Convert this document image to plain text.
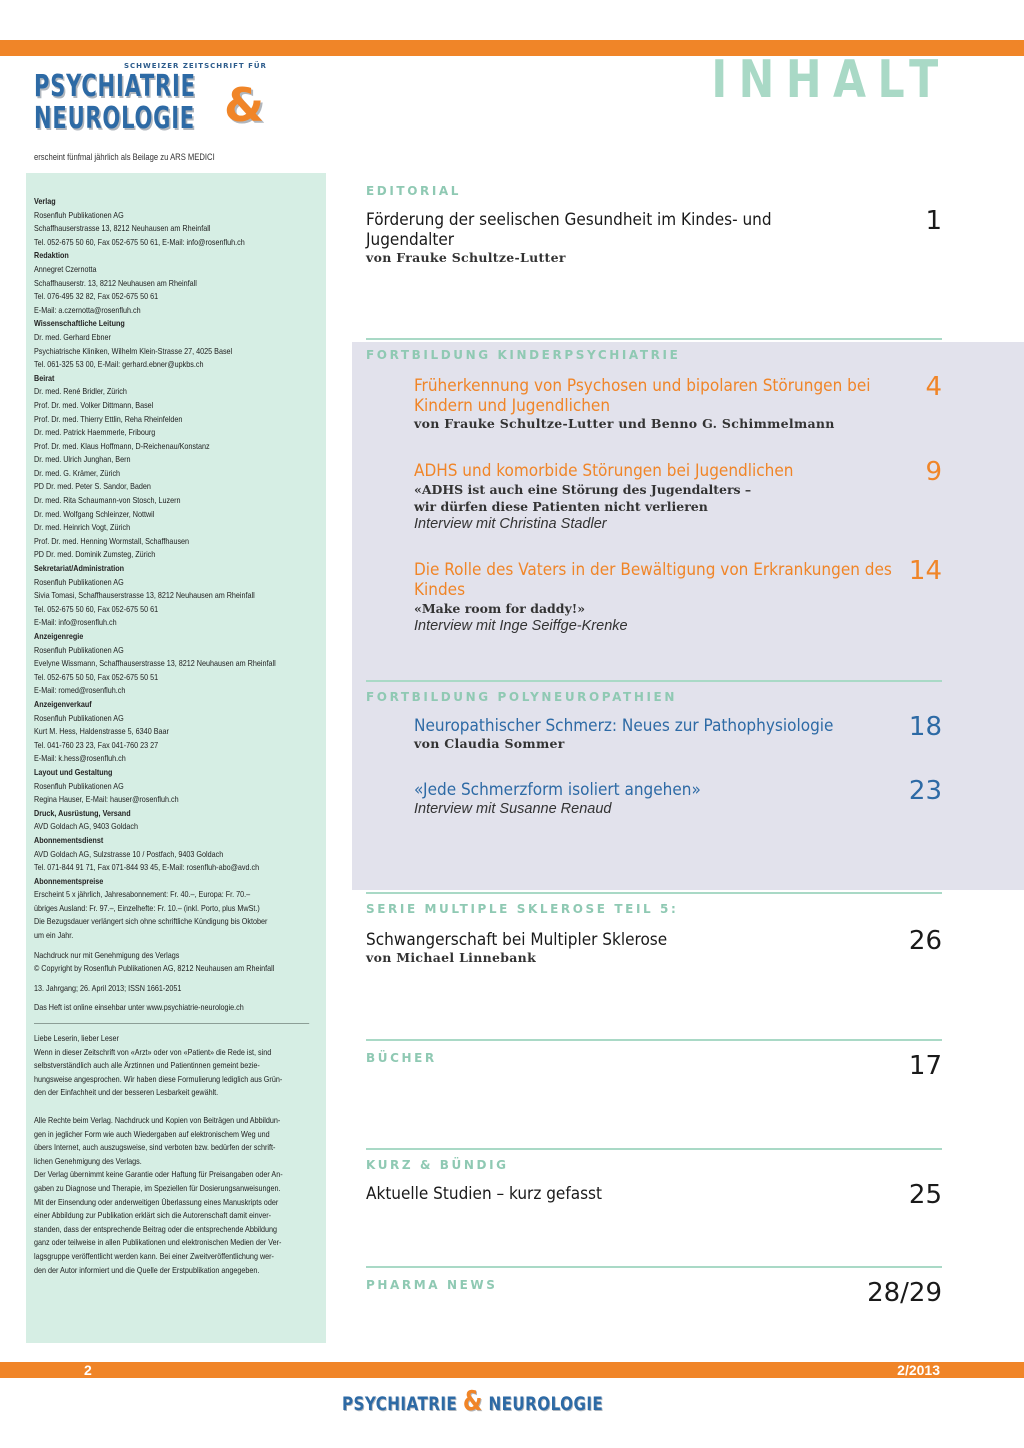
SCHWEIZER ZEITSCHRIFT FÜR
PSYCHIATRIE &
NEUROLOGIE
erscheint fünfmal jährlich als Beilage zu ARS MEDICI
INHALT
Verlag
Rosenfluh Publikationen AG
Schaffhauserstrasse 13, 8212 Neuhausen am Rheinfall
Tel. 052-675 50 60, Fax 052-675 50 61, E-Mail: info@rosenfluh.ch
Redaktion
Annegret Czernotta
Schaffhauserstr. 13, 8212 Neuhausen am Rheinfall
Tel. 076-495 32 82, Fax 052-675 50 61
E-Mail: a.czernotta@rosenfluh.ch
Wissenschaftliche Leitung
Dr. med. Gerhard Ebner
Psychiatrische Kliniken, Wilhelm Klein-Strasse 27, 4025 Basel
Tel. 061-325 53 00, E-Mail: gerhard.ebner@upkbs.ch
Beirat
Dr. med. René Bridler, Zürich
Prof. Dr. med. Volker Dittmann, Basel
Prof. Dr. med. Thierry Ettlin, Reha Rheinfelden
Dr. med. Patrick Haemmerle, Fribourg
Prof. Dr. med. Klaus Hoffmann, D-Reichenau/Konstanz
Dr. med. Ulrich Junghan, Bern
Dr. med. G. Krämer, Zürich
PD Dr. med. Peter S. Sandor, Baden
Dr. med. Rita Schaumann-von Stosch, Luzern
Dr. med. Wolfgang Schleinzer, Nottwil
Dr. med. Heinrich Vogt, Zürich
Prof. Dr. med. Henning Wormstall, Schaffhausen
PD Dr. med. Dominik Zumsteg, Zürich
Sekretariat/Administration
Rosenfluh Publikationen AG
Sivia Tomasi, Schaffhauserstrasse 13, 8212 Neuhausen am Rheinfall
Tel. 052-675 50 60, Fax 052-675 50 61
E-Mail: info@rosenfluh.ch
Anzeigenregie
Rosenfluh Publikationen AG
Evelyne Wissmann, Schaffhauserstrasse 13, 8212 Neuhausen am Rheinfall
Tel. 052-675 50 50, Fax 052-675 50 51
E-Mail: romed@rosenfluh.ch
Anzeigenverkauf
Rosenfluh Publikationen AG
Kurt M. Hess, Haldenstrasse 5, 6340 Baar
Tel. 041-760 23 23, Fax 041-760 23 27
E-Mail: k.hess@rosenfluh.ch
Layout und Gestaltung
Rosenfluh Publikationen AG
Regina Hauser, E-Mail: hauser@rosenfluh.ch
Druck, Ausrüstung, Versand
AVD Goldach AG, 9403 Goldach
Abonnementsdienst
AVD Goldach AG, Sulzstrasse 10 / Postfach, 9403 Goldach
Tel. 071-844 91 71, Fax 071-844 93 45, E-Mail: rosenfluh-abo@avd.ch
Abonnementspreise
Erscheint 5 x jährlich, Jahresabonnement: Fr. 40.–, Europa: Fr. 70.–
übriges Ausland: Fr. 97.–, Einzelhefte: Fr. 10.– (inkl. Porto, plus MwSt.)
Die Bezugsdauer verlängert sich ohne schriftliche Kündigung bis Oktober
um ein Jahr.
Nachdruck nur mit Genehmigung des Verlags
© Copyright by Rosenfluh Publikationen AG, 8212 Neuhausen am Rheinfall
13. Jahrgang; 26. April 2013; ISSN 1661-2051
Das Heft ist online einsehbar unter www.psychiatrie-neurologie.ch
Liebe Leserin, lieber Leser
Wenn in dieser Zeitschrift von «Arzt» oder von «Patient» die Rede ist, sind
selbstverständlich auch alle Ärztinnen und Patientinnen gemeint bezie-
hungsweise angesprochen. Wir haben diese Formulierung lediglich aus Grün-
den der Einfachheit und der besseren Lesbarkeit gewählt.
Alle Rechte beim Verlag. Nachdruck und Kopien von Beiträgen und Abbildun-
gen in jeglicher Form wie auch Wiedergaben auf elektronischem Weg und
übers Internet, auch auszugsweise, sind verboten bzw. bedürfen der schrift-
lichen Genehmigung des Verlags.
Der Verlag übernimmt keine Garantie oder Haftung für Preisangaben oder An-
gaben zu Diagnose und Therapie, im Speziellen für Dosierungsanweisungen.
Mit der Einsendung oder anderweitigen Überlassung eines Manuskripts oder
einer Abbildung zur Publikation erklärt sich die Autorenschaft damit einver-
standen, dass der entsprechende Beitrag oder die entsprechende Abbildung
ganz oder teilweise in allen Publikationen und elektronischen Medien der Ver-
lagsgruppe veröffentlicht werden kann. Bei einer Zweitveröffentlichung wer-
den der Autor informiert und die Quelle der Erstpublikation angegeben.
EDITORIAL
Förderung der seelischen Gesundheit im Kindes- und Jugendalter
von Frauke Schultze-Lutter
1
FORTBILDUNG KINDERPSYCHIATRIE
Früherkennung von Psychosen und bipolaren Störungen bei Kindern und Jugendlichen
von Frauke Schultze-Lutter und Benno G. Schimmelmann
4
ADHS und komorbide Störungen bei Jugendlichen
«ADHS ist auch eine Störung des Jugendalters –
wir dürfen diese Patienten nicht verlieren
Interview mit Christina Stadler
9
Die Rolle des Vaters in der Bewältigung von Erkrankungen des Kindes
«Make room for daddy!»
Interview mit Inge Seiffge-Krenke
14
FORTBILDUNG POLYNEUROPATHIEN
Neuropathischer Schmerz: Neues zur Pathophysiologie
von Claudia Sommer
18
«Jede Schmerzform isoliert angehen»
Interview mit Susanne Renaud
23
SERIE MULTIPLE SKLEROSE TEIL 5:
Schwangerschaft bei Multipler Sklerose
von Michael Linnebank
26
BÜCHER	17
KURZ & BÜNDIG
Aktuelle Studien – kurz gefasst	25
PHARMA NEWS	28/29
2	2/2013
PSYCHIATRIE & NEUROLOGIE
